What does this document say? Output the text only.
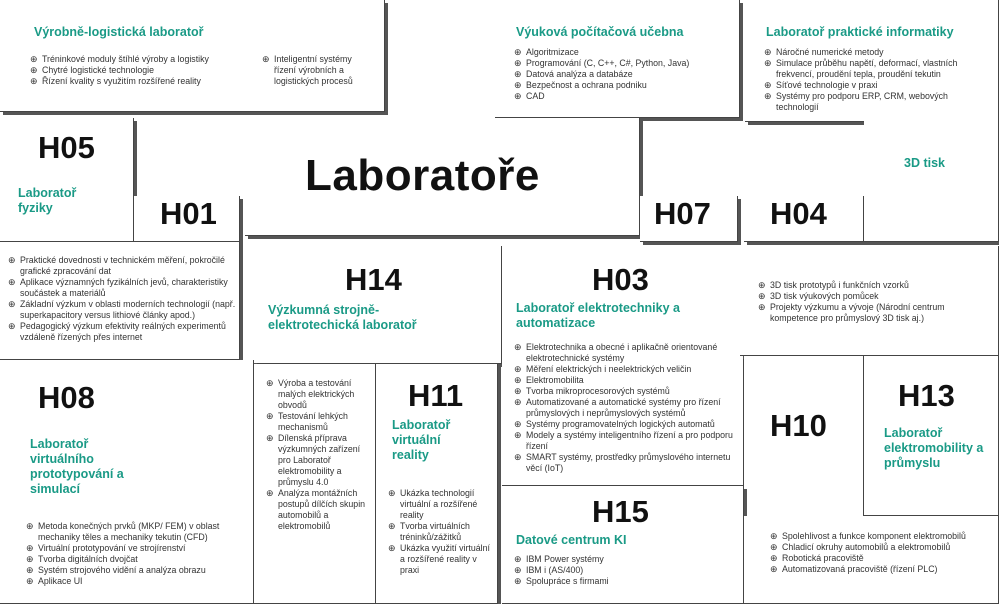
Výrobně-logistická laboratoř
⊕ Tréninkové moduly štíhlé výroby a logistiky
⊕ Chytré logistické technologie
⊕ Řízení kvality s využitím rozšířené reality
⊕ Inteligentní systémy řízení výrobních a logistických procesů
Výuková počítačová učebna
⊕ Algoritmizace
⊕ Programování (C, C++, C#, Python, Java)
⊕ Datová analýza a databáze
⊕ Bezpečnost a ochrana podniku
⊕ CAD
Laboratoř praktické informatiky
⊕ Náročné numerické metody
⊕ Simulace průběhu napětí, deformací, vlastních frekvencí, proudění tepla, proudění tekutin
⊕ Síťové technologie v praxi
⊕ Systémy pro podporu ERP, CRM, webových technologií
H05
Laboratoř fyziky
⊕ Praktické dovednosti v technickém měření, pokročilé grafické zpracování dat
⊕ Aplikace významných fyzikálních jevů, charakteristiky součástek a materiálů
⊕ Základní výzkum v oblasti moderních technologií (např. superkapacitory versus lithiové články apod.)
⊕ Pedagogický výzkum efektivity reálných experimentů vzdáleně řízených přes internet
H01
Laboratoře
H07 H04
3D tisk
⊕ 3D tisk prototypů i funkčních vzorků
⊕ 3D tisk výukových pomůcek
⊕ Projekty výzkumu a vývoje (Národní centrum kompetence pro průmyslový 3D tisk aj.)
H14
Výzkumná strojně-elektrotechická laboratoř
⊕ Výroba a testování malých elektrických obvodů
⊕ Testování lehkých mechanismů
⊕ Dílenská příprava výzkumných zařízení pro Laboratoř elektromobility a průmyslu 4.0
⊕ Analýza montážních postupů dílčích skupin automobilů a elektromobilů
H11
Laboratoř virtuální reality
⊕ Ukázka technologií virtuální a rozšířené reality
⊕ Tvorba virtuálních tréninků/zážitků
⊕ Ukázka využití virtuální a rozšířené reality v praxi
H03
Laboratoř elektrotechniky a automatizace
⊕ Elektrotechnika a obecné i aplikačně orientované elektrotechnické systémy
⊕ Měření elektrických i neelektrických veličin
⊕ Elektromobilita
⊕ Tvorba mikroprocesorových systémů
⊕ Automatizované a automatické systémy pro řízení průmyslových i neprůmyslových systémů
⊕ Systémy programovatelných logických automatů
⊕ Modely a systémy inteligentního řízení a pro podporu řízení
⊕ SMART systémy, prostředky průmyslového internetu věcí (IoT)
H08
Laboratoř virtuálního prototypování a simulací
⊕ Metoda konečných prvků (MKP/ FEM) v oblast mechaniky těles a mechaniky tekutin (CFD)
⊕ Virtuální prototypování ve strojírenství
⊕ Tvorba digitálních dvojčat
⊕ Systém strojového vidění a analýza obrazu
⊕ Aplikace UI
H15
Datové centrum KI
⊕ IBM Power systémy
⊕ IBM i (AS/400)
⊕ Spolupráce s firmami
H10
H13
Laboratoř elektromobility a průmyslu
⊕ Spolehlivost a funkce komponent elektromobilů
⊕ Chladicí okruhy automobilů a elektromobilů
⊕ Robotická pracoviště
⊕ Automatizovaná pracoviště (řízení PLC)
